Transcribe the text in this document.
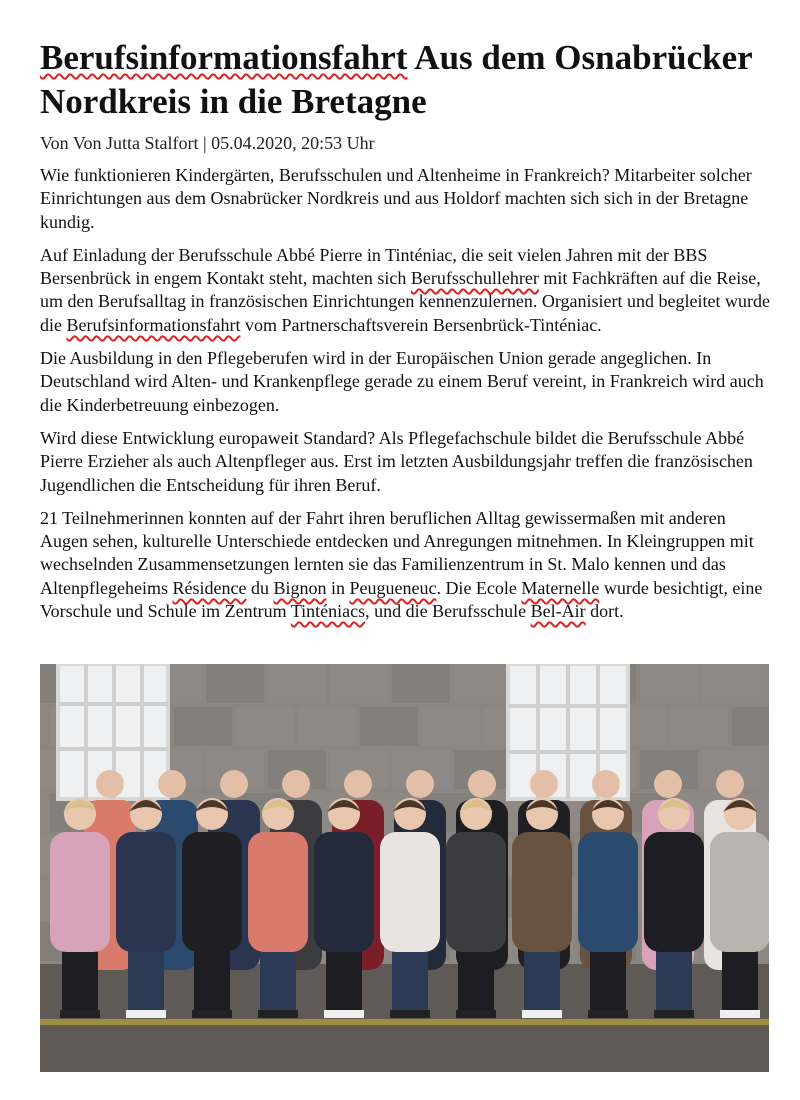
Berufsinformationsfahrt Aus dem Osnabrücker Nordkreis in die Bretagne
Von Von Jutta Stalfort | 05.04.2020, 20:53 Uhr

Wie funktionieren Kindergärten, Berufsschulen und Altenheime in Frankreich? Mitarbeiter solcher Einrichtungen aus dem Osnabrücker Nordkreis und aus Holdorf machten sich sich in der Bretagne kundig.

Auf Einladung der Berufsschule Abbé Pierre in Tinténiac, die seit vielen Jahren mit der BBS Bersenbrück in engem Kontakt steht, machten sich Berufsschullehrer mit Fachkräften auf die Reise, um den Berufsalltag in französischen Einrichtungen kennenzulernen. Organisiert und begleitet wurde die Berufsinformationsfahrt vom Partnerschaftsverein Bersenbrück-Tinténiac.

Die Ausbildung in den Pflegeberufen wird in der Europäischen Union gerade angeglichen. In Deutschland wird Alten- und Krankenpflege gerade zu einem Beruf vereint, in Frankreich wird auch die Kinderbetreuung einbezogen.

Wird diese Entwicklung europaweit Standard? Als Pflegefachschule bildet die Berufsschule Abbé Pierre Erzieher als auch Altenpfleger aus. Erst im letzten Ausbildungsjahr treffen die französischen Jugendlichen die Entscheidung für ihren Beruf.

21 Teilnehmerinnen konnten auf der Fahrt ihren beruflichen Alltag gewissermaßen mit anderen Augen sehen, kulturelle Unterschiede entdecken und Anregungen mitnehmen. In Kleingruppen mit wechselnden Zusammensetzungen lernten sie das Familienzentrum in St. Malo kennen und das Altenpflegeheims Résidence du Bignon in Peugueneuc. Die Ecole Maternelle wurde besichtigt, eine Vorschule und Schule im Zentrum Tinténiacs, und die Berufsschule Bel-Air dort.
